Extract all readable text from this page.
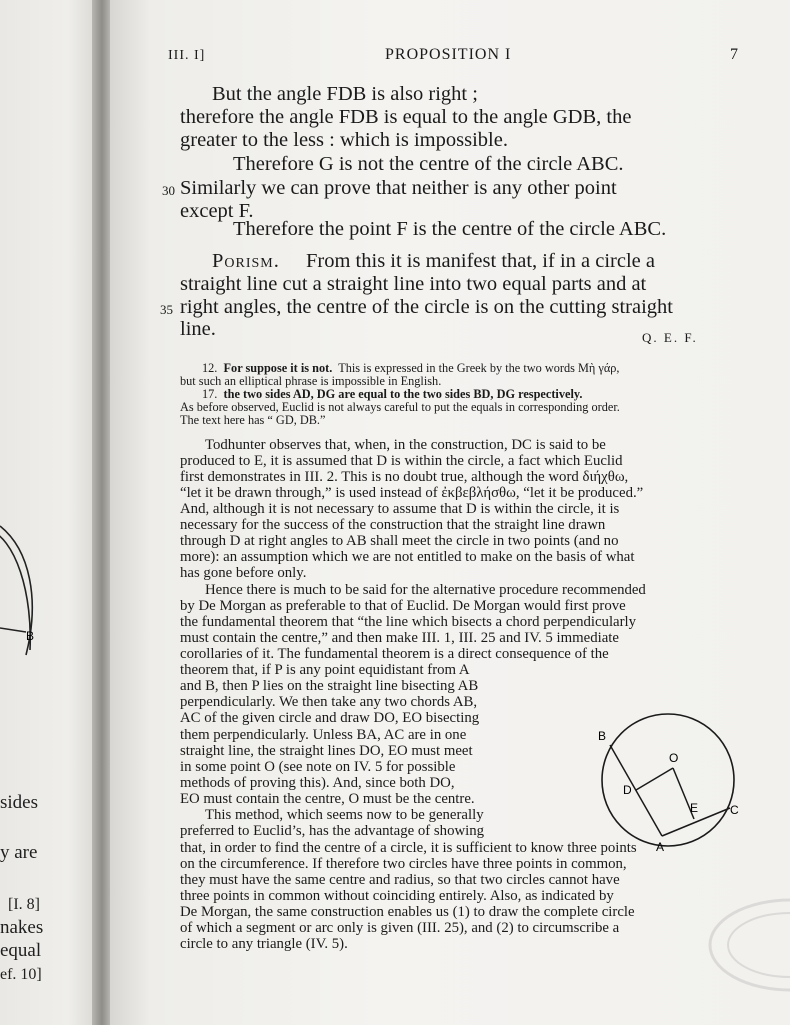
B
sides
y are
[I. 8]
nakes
equal
ef. 10]
III. I]	PROPOSITION I	7
But the angle FDB is also right ;
therefore the angle FDB is equal to the angle GDB, the
greater to the less : which is impossible.
Therefore G is not the centre of the circle ABC.
30 Similarly we can prove that neither is any other point
except F.
Therefore the point F is the centre of the circle ABC.
Porism. From this it is manifest that, if in a circle a
straight line cut a straight line into two equal parts and at
35 right angles, the centre of the circle is on the cutting straight
line.	Q. E. F.
12. For suppose it is not. This is expressed in the Greek by the two words Μὴ γάρ,
but such an elliptical phrase is impossible in English.
17. the two sides AD, DG are equal to the two sides BD, DG respectively.
As before observed, Euclid is not always careful to put the equals in corresponding order.
The text here has “ GD, DB.”
Todhunter observes that, when, in the construction, DC is said to be
produced to E, it is assumed that D is within the circle, a fact which Euclid
first demonstrates in III. 2. This is no doubt true, although the word διήχθω,
“let it be drawn through,” is used instead of ἐκβεβλήσθω, “let it be produced.”
And, although it is not necessary to assume that D is within the circle, it is
necessary for the success of the construction that the straight line drawn
through D at right angles to AB shall meet the circle in two points (and no
more): an assumption which we are not entitled to make on the basis of what
has gone before only.
Hence there is much to be said for the alternative procedure recommended
by De Morgan as preferable to that of Euclid. De Morgan would first prove
the fundamental theorem that “the line which bisects a chord perpendicularly
must contain the centre,” and then make III. 1, III. 25 and IV. 5 immediate
corollaries of it. The fundamental theorem is a direct consequence of the
theorem that, if P is any point equidistant from A
and B, then P lies on the straight line bisecting AB
perpendicularly. We then take any two chords AB,
AC of the given circle and draw DO, EO bisecting
them perpendicularly. Unless BA, AC are in one
straight line, the straight lines DO, EO must meet
in some point O (see note on IV. 5 for possible
methods of proving this). And, since both DO,
EO must contain the centre, O must be the centre.
This method, which seems now to be generally
preferred to Euclid’s, has the advantage of showing
that, in order to find the centre of a circle, it is sufficient to know three points
on the circumference. If therefore two circles have three points in common,
they must have the same centre and radius, so that two circles cannot have
three points in common without coinciding entirely. Also, as indicated by
De Morgan, the same construction enables us (1) to draw the complete circle
of which a segment or arc only is given (III. 25), and (2) to circumscribe a
circle to any triangle (IV. 5).
B
O
D
E	C
A
